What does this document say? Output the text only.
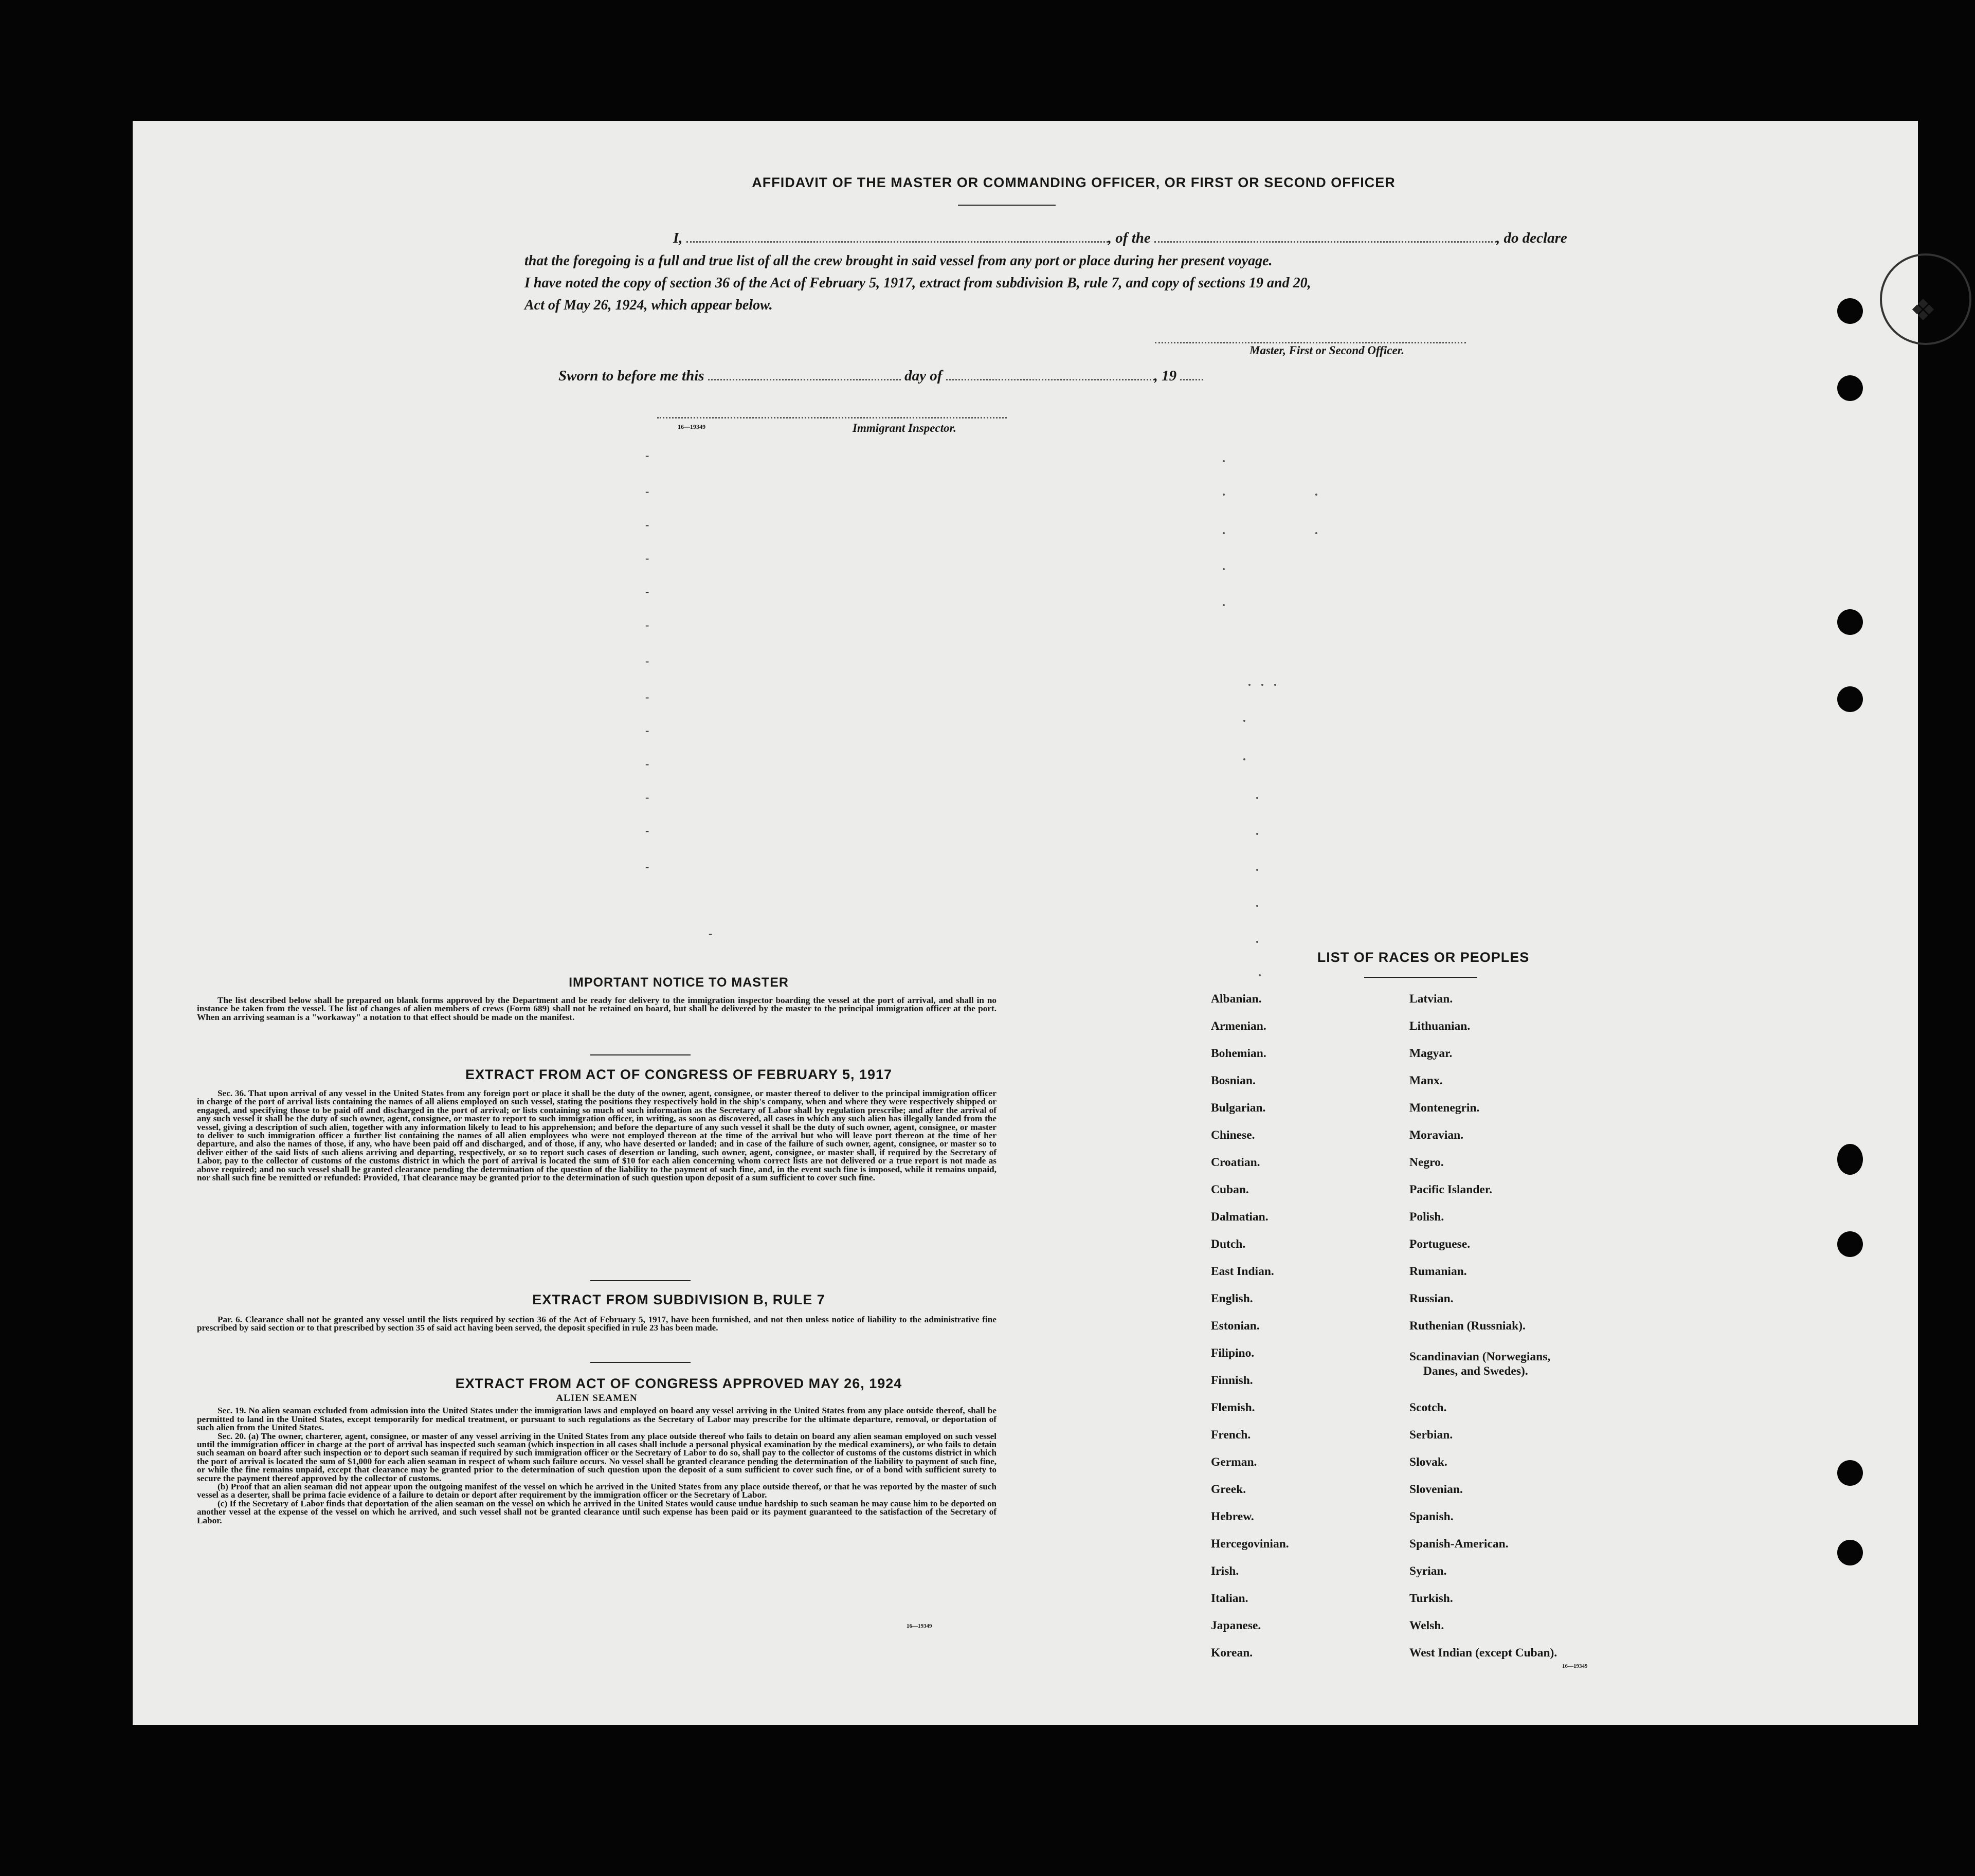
❖
AFFIDAVIT OF THE MASTER OR COMMANDING OFFICER, OR FIRST OR SECOND OFFICER
I,	, of the	, do declare
that the foregoing is a full and true list of all the crew brought in said vessel from any port or place during her present voyage.
I have noted the copy of section 36 of the Act of February 5, 1917, extract from subdivision B, rule 7, and copy of sections 19 and 20,
Act of May 26, 1924, which appear below.
Master, First or Second Officer.
Sworn to before me this	day of	, 19
16—19349	Immigrant Inspector.
-
-
-
-
-
-
-
-
-
-
-
-
-
-
IMPORTANT NOTICE TO MASTER

The list described below shall be prepared on blank forms approved by the Department and be ready for delivery to the immigration inspector boarding the vessel at the port of arrival, and shall in no instance be taken from the vessel. The list of changes of alien members of crews (Form 689) shall not be retained on board, but shall be delivered by the master to the principal immigration officer at the port. When an arriving seaman is a "workaway" a notation to that effect should be made on the manifest.

EXTRACT FROM ACT OF CONGRESS OF FEBRUARY 5, 1917

Sec. 36. That upon arrival of any vessel in the United States from any foreign port or place it shall be the duty of the owner, agent, consignee, or master thereof to deliver to the principal immigration officer in charge of the port of arrival lists containing the names of all aliens employed on such vessel, stating the positions they respectively hold in the ship's company, when and where they were respectively shipped or engaged, and specifying those to be paid off and discharged in the port of arrival; or lists containing so much of such information as the Secretary of Labor shall by regulation prescribe; and after the arrival of any such vessel it shall be the duty of such owner, agent, consignee, or master to report to such immigration officer, in writing, as soon as discovered, all cases in which any such alien has illegally landed from the vessel, giving a description of such alien, together with any information likely to lead to his apprehension; and before the departure of any such vessel it shall be the duty of such owner, agent, consignee, or master to deliver to such immigration officer a further list containing the names of all alien employees who were not employed thereon at the time of the arrival but who will leave port thereon at the time of her departure, and also the names of those, if any, who have been paid off and discharged, and of those, if any, who have deserted or landed; and in case of the failure of such owner, agent, consignee, or master so to deliver either of the said lists of such aliens arriving and departing, respectively, or so to report such cases of desertion or landing, such owner, agent, consignee, or master shall, if required by the Secretary of Labor, pay to the collector of customs of the customs district in which the port of arrival is located the sum of $10 for each alien concerning whom correct lists are not delivered or a true report is not made as above required; and no such vessel shall be granted clearance pending the determination of the question of the liability to the payment of such fine, and, in the event such fine is imposed, while it remains unpaid, nor shall such fine be remitted or refunded: Provided, That clearance may be granted prior to the determination of such question upon deposit of a sum sufficient to cover such fine.

EXTRACT FROM SUBDIVISION B, RULE 7

Par. 6. Clearance shall not be granted any vessel until the lists required by section 36 of the Act of February 5, 1917, have been furnished, and not then unless notice of liability to the administrative fine prescribed by said section or to that prescribed by section 35 of said act having been served, the deposit specified in rule 23 has been made.

EXTRACT FROM ACT OF CONGRESS APPROVED MAY 26, 1924

ALIEN SEAMEN

Sec. 19. No alien seaman excluded from admission into the United States under the immigration laws and employed on board any vessel arriving in the United States from any place outside thereof, shall be permitted to land in the United States, except temporarily for medical treatment, or pursuant to such regulations as the Secretary of Labor may prescribe for the ultimate departure, removal, or deportation of such alien from the United States.

Sec. 20. (a) The owner, charterer, agent, consignee, or master of any vessel arriving in the United States from any place outside thereof who fails to detain on board any alien seaman employed on such vessel until the immigration officer in charge at the port of arrival has inspected such seaman (which inspection in all cases shall include a personal physical examination by the medical examiners), or who fails to detain such seaman on board after such inspection or to deport such seaman if required by such immigration officer or the Secretary of Labor to do so, shall pay to the collector of customs of the customs district in which the port of arrival is located the sum of $1,000 for each alien seaman in respect of whom such failure occurs. No vessel shall be granted clearance pending the determination of the liability to payment of such fine, or while the fine remains unpaid, except that clearance may be granted prior to the determination of such question upon the deposit of a sum sufficient to cover such fine, or of a bond with sufficient surety to secure the payment thereof approved by the collector of customs.

(b) Proof that an alien seaman did not appear upon the outgoing manifest of the vessel on which he arrived in the United States from any place outside thereof, or that he was reported by the master of such vessel as a deserter, shall be prima facie evidence of a failure to detain or deport after requirement by the immigration officer or the Secretary of Labor.

(c) If the Secretary of Labor finds that deportation of the alien seaman on the vessel on which he arrived in the United States would cause undue hardship to such seaman he may cause him to be deported on another vessel at the expense of the vessel on which he arrived, and such vessel shall not be granted clearance until such expense has been paid or its payment guaranteed to the satisfaction of the Secretary of Labor.

16—19349
LIST OF RACES OR PEOPLES
Albanian.
Armenian.
Bohemian.
Bosnian.
Bulgarian.
Chinese.
Croatian.
Cuban.
Dalmatian.
Dutch.
East Indian.
English.
Estonian.
Filipino.
Finnish.
Flemish.
French.
German.
Greek.
Hebrew.
Hercegovinian.
Irish.
Italian.
Japanese.
Korean.
Latvian.
Lithuanian.
Magyar.
Manx.
Montenegrin.
Moravian.
Negro.
Pacific Islander.
Polish.
Portuguese.
Rumanian.
Russian.
Ruthenian (Russniak).
Scandinavian (Norwegians,
Danes, and Swedes).
Scotch.
Serbian.
Slovak.
Slovenian.
Spanish.
Spanish-American.
Syrian.
Turkish.
Welsh.
West Indian (except Cuban).
16—19349
